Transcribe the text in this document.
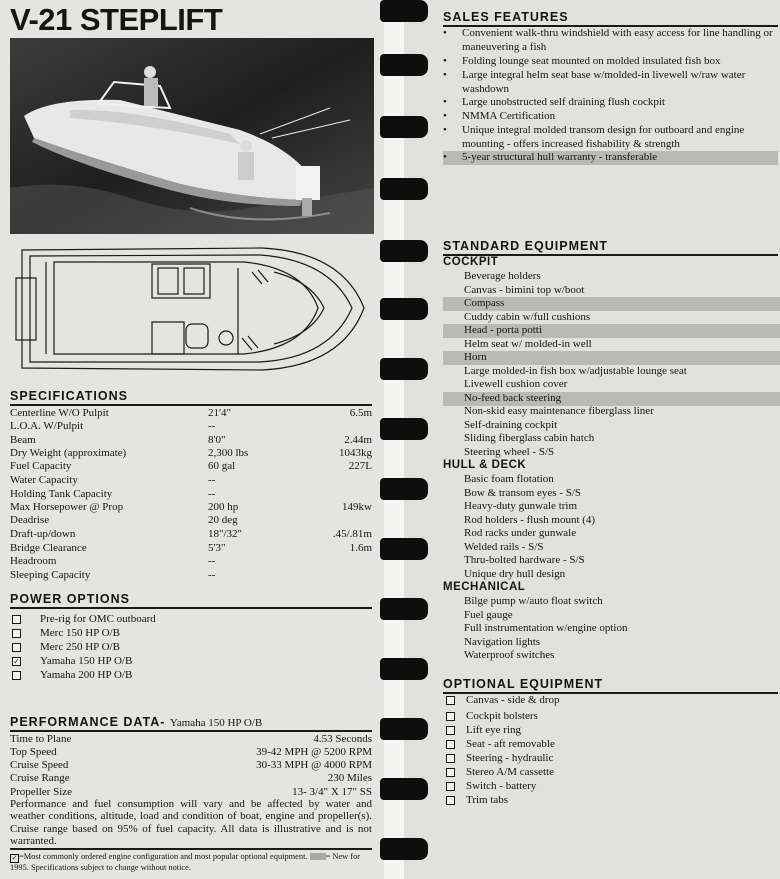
V-21 STEPLIFT
SPECIFICATIONS
Centerline W/O Pulpit	21'4"	6.5m
L.O.A. W/Pulpit	--
Beam	8'0"	2.44m
Dry Weight (approximate)	2,300 lbs	1043kg
Fuel Capacity	60 gal	227L
Water Capacity	--
Holding Tank Capacity	--
Max Horsepower @ Prop	200 hp	149kw
Deadrise	20 deg
Draft-up/down	18"/32"	.45/.81m
Bridge Clearance	5'3"	1.6m
Headroom	--
Sleeping Capacity	--
POWER OPTIONS
Pre-rig for OMC outboard
Merc 150 HP O/B
Merc 250 HP O/B
✓ Yamaha 150 HP O/B
Yamaha 200 HP O/B
PERFORMANCE DATA- Yamaha 150 HP O/B
Time to Plane	4.53 Seconds
Top Speed	39-42 MPH @ 5200 RPM
Cruise Speed	30-33 MPH @ 4000 RPM
Cruise Range	230 Miles
Propeller Size	13- 3/4" X 17" SS
Performance and fuel consumption will vary and be affected by water and weather conditions, altitude, load and condition of boat, engine and propeller(s). Cruise range based on 95% of fuel capacity. All data is illustrative and is not warranted.
✓ =Most commonly ordered engine configuration and most popular optional equipment. = New for 1995. Specifications subject to change without notice.
SALES FEATURES
•	Convenient walk-thru windshield with easy access for line handling or maneuvering a fish
•	Folding lounge seat mounted on molded insulated fish box
•	Large integral helm seat base w/molded-in livewell w/raw water washdown
•	Large unobstructed self draining flush cockpit
•	NMMA Certification
•	Unique integral molded transom design for outboard and engine mounting - offers increased fishability & strength
•	5-year structural hull warranty - transferable
STANDARD EQUIPMENT
COCKPIT
Beverage holders
Canvas - bimini top w/boot
Compass
Cuddy cabin w/full cushions
Head - porta potti
Helm seat w/ molded-in well
Horn
Large molded-in fish box w/adjustable lounge seat
Livewell cushion cover
No-feed back steering
Non-skid easy maintenance fiberglass liner
Self-draining cockpit
Sliding fiberglass cabin hatch
Steering wheel - S/S
HULL & DECK
Basic foam flotation
Bow & transom eyes - S/S
Heavy-duty gunwale trim
Rod holders - flush mount (4)
Rod racks under gunwale
Welded rails - S/S
Thru-bolted hardware - S/S
Unique dry hull design
MECHANICAL
Bilge pump w/auto float switch
Fuel gauge
Full instrumentation w/engine option
Navigation lights
Waterproof switches
OPTIONAL EQUIPMENT
Canvas - side & drop
Cockpit bolsters
Lift eye ring
Seat - aft removable
Steering - hydraulic
Stereo A/M cassette
Switch - battery
Trim tabs
